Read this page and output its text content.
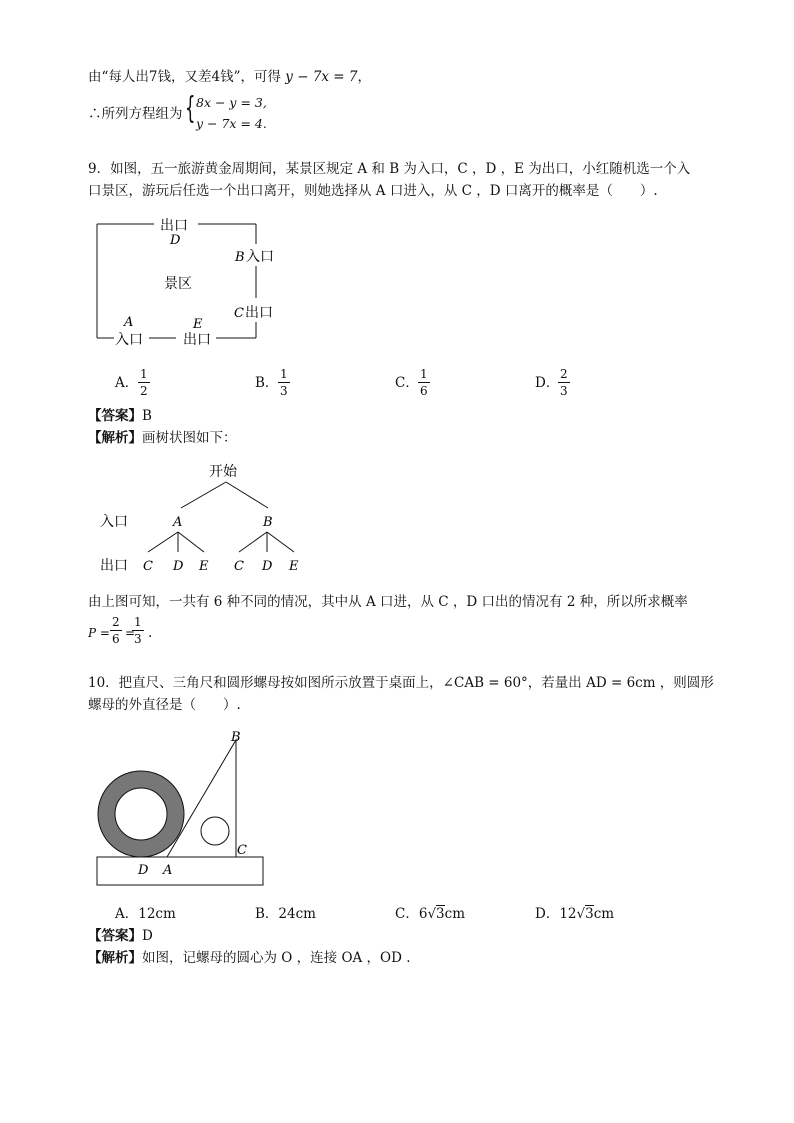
由“每人出7钱，又差4钱”，可得 y − 7x = 7，
∴所列方程组为 { 8x − y = 3,
y − 7x = 4.
9．如图，五一旅游黄金周期间，某景区规定 A 和 B 为入口，C ，D ，E 为出口，小红随机选一个入
口景区，游玩后任选一个出口离开，则她选择从 A 口进入，从 C ，D 口离开的概率是（　　）.
出口
D
B 入口
景区
C 出口
A
入口
E
出口
A．
1
2	B．
1
3	C．
1
6	D．
2
3
【答案】B
【解析】画树状图如下：
开始
入口	A	B
出口 C D E C D E
由上图可知，一共有 6 种不同的情况，其中从 A 口进，从 C ，D 口出的情况有 2 种，所以所求概率
P =
2
6 =
1
3 .
10．把直尺、三角尺和圆形螺母按如图所示放置于桌面上，∠CAB = 60°，若量出 AD = 6cm ，则圆形
螺母的外直径是（　　）.
B
C
D A
A．12cm	B．24cm	C．6√3cm	D．12√3cm
【答案】D
【解析】如图，记螺母的圆心为 O ，连接 OA ，OD .
